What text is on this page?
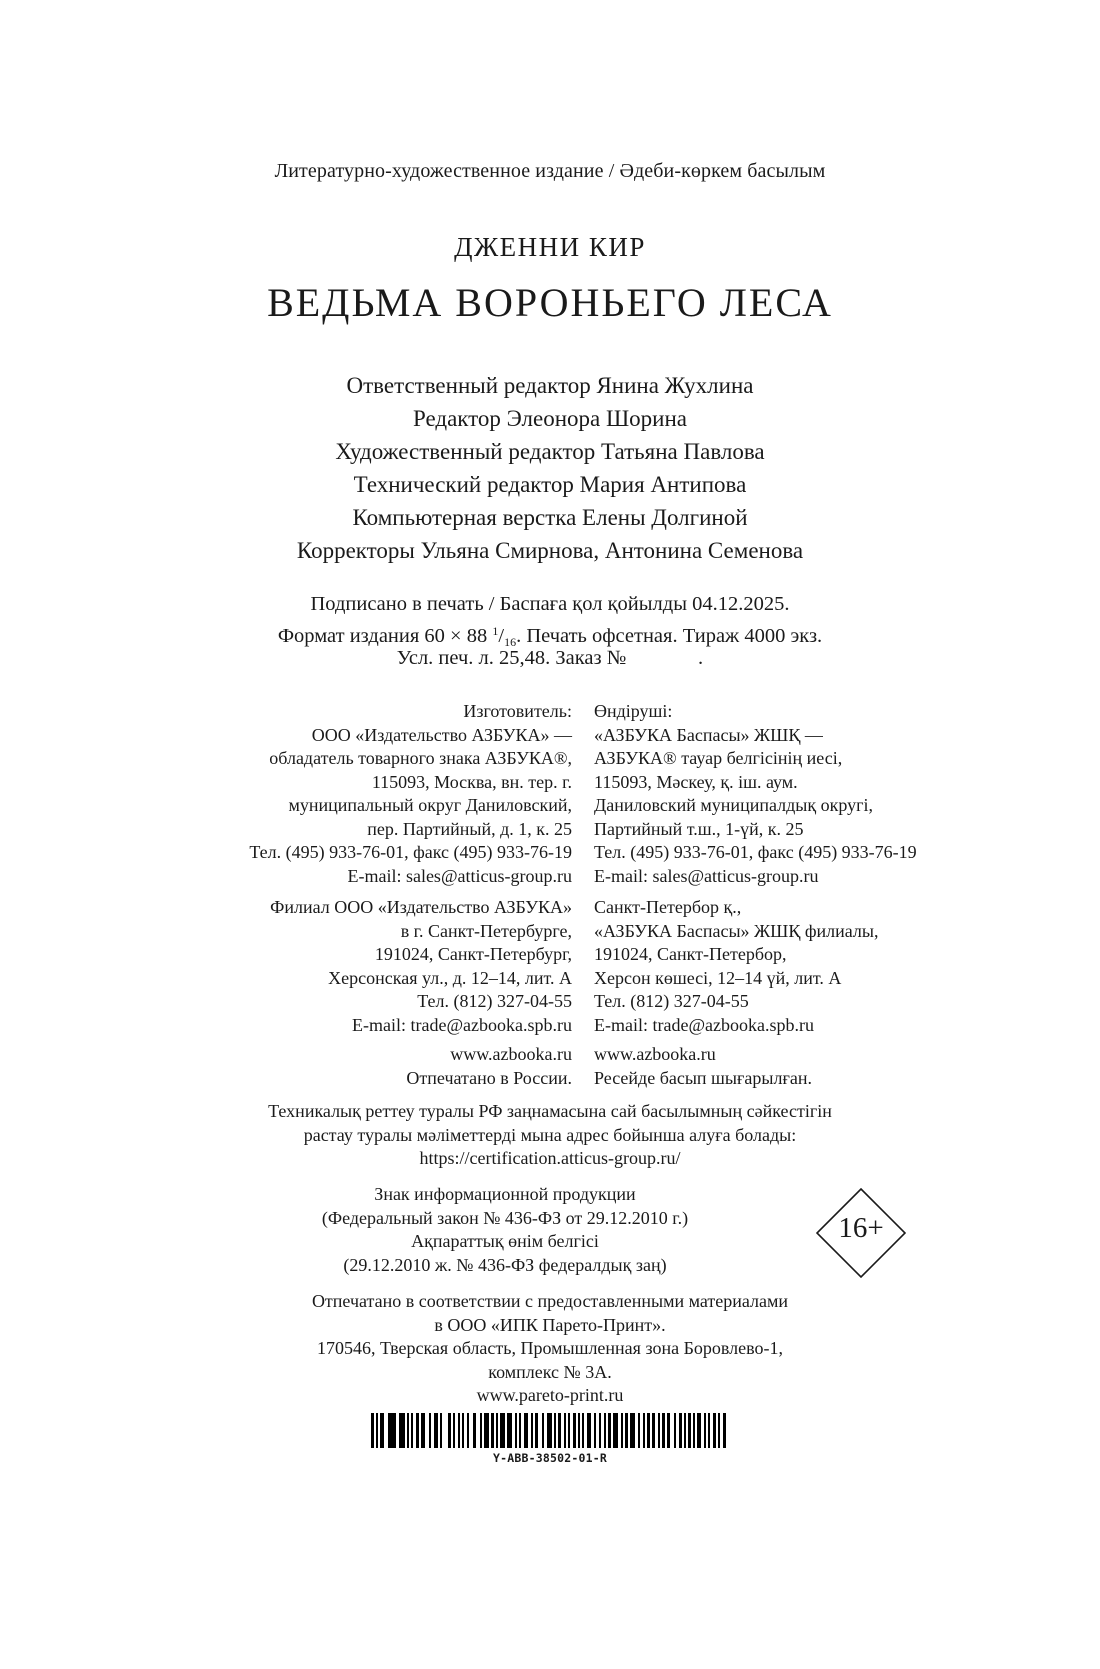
Литературно-художественное издание / Әдеби-көркем басылым
ДЖЕННИ КИР
ВЕДЬМА ВОРОНЬЕГО ЛЕСА
Ответственный редактор Янина Жухлина
Редактор Элеонора Шорина
Художественный редактор Татьяна Павлова
Технический редактор Мария Антипова
Компьютерная верстка Елены Долгиной
Корректоры Ульяна Смирнова, Антонина Семенова
Подписано в печать / Баспаға қол қойылды 04.12.2025.
Формат издания 60 × 88 $^1$/16. Печать офсетная. Тираж 4000 экз.
Усл. печ. л. 25,48. Заказ №              .
Изготовитель:
ООО «Издательство АЗБУКА» —
обладатель товарного знака АЗБУКА®,
115093, Москва, вн. тер. г.
муниципальный округ Даниловский,
пер. Партийный, д. 1, к. 25
Тел. (495) 933-76-01, факс (495) 933-76-19
E-mail: sales@atticus-group.ru
Филиал ООО «Издательство АЗБУКА»
в г. Санкт-Петербурге,
191024, Санкт-Петербург,
Херсонская ул., д. 12–14, лит. А
Тел. (812) 327-04-55
E-mail: trade@azbooka.spb.ru
www.azbooka.ru
Отпечатано в России.
Өндіруші:
«АЗБУКА Баспасы» ЖШҚ —
АЗБУКА® тауар белгісінің иесі,
115093, Мәскеу, қ. іш. аум.
Даниловский муниципалдық округі,
Партийный т.ш., 1-үй, к. 25
Тел. (495) 933-76-01, факс (495) 933-76-19
E-mail: sales@atticus-group.ru
Санкт-Петербор қ.,
«АЗБУКА Баспасы» ЖШҚ филиалы,
191024, Санкт-Петербор,
Херсон көшесі, 12–14 үй, лит. А
Тел. (812) 327-04-55
E-mail: trade@azbooka.spb.ru
www.azbooka.ru
Ресейде басып шығарылған.
Техникалық реттеу туралы РФ заңнамасына сай басылымның сәйкестігін
растау туралы мәліметтерді мына адрес бойынша алуға болады:
https://certification.atticus-group.ru/
Знак информационной продукции
(Федеральный закон № 436-ФЗ от 29.12.2010 г.)
Ақпараттық өнім белгісі
(29.12.2010 ж. № 436-ФЗ федералдық заң)
16+
Отпечатано в соответствии с предоставленными материалами
в ООО «ИПК Парето-Принт».
170546, Тверская область, Промышленная зона Боровлево-1,
комплекс № 3А.
www.pareto-print.ru
Y-ABB-38502-01-R
